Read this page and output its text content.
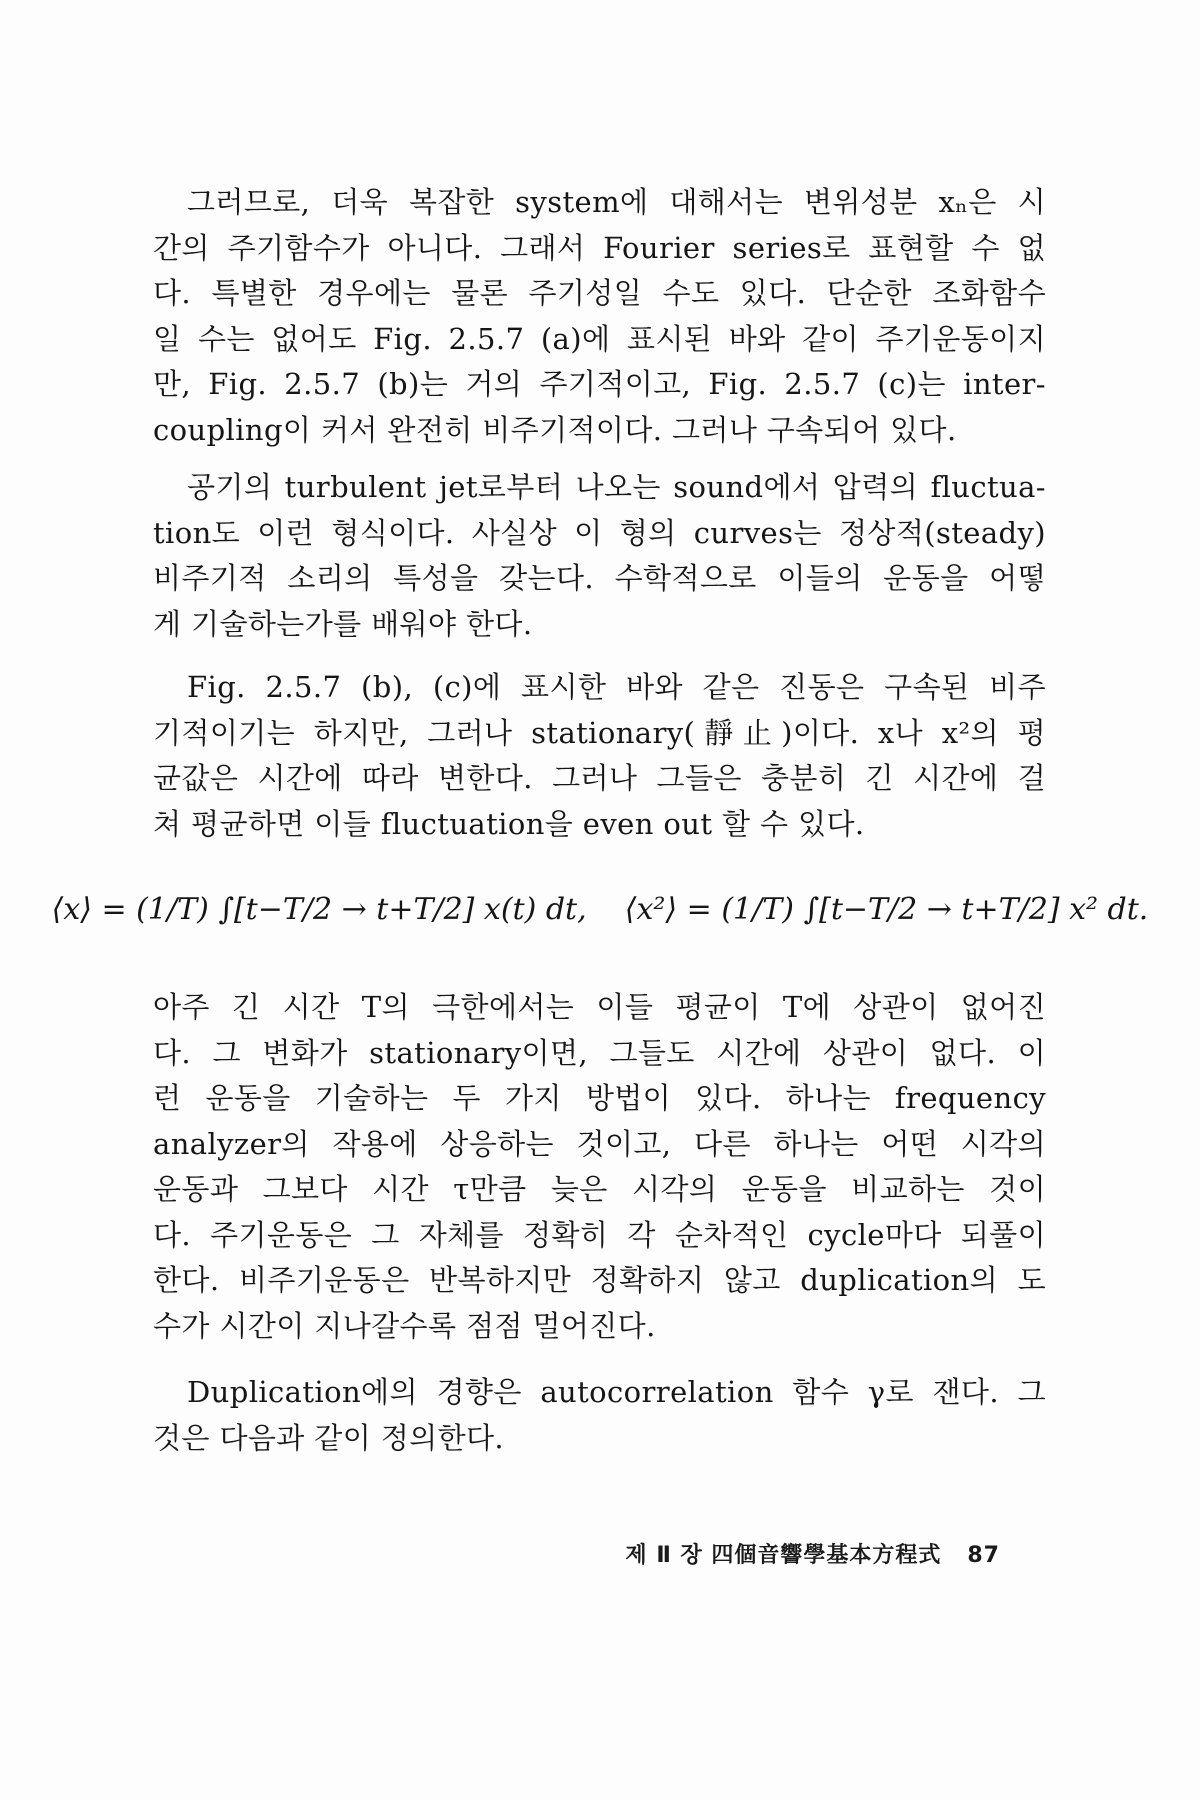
그러므로, 더욱 복잡한 system에 대해서는 변위성분 xₙ은 시
간의 주기함수가 아니다. 그래서 Fourier series로 표현할 수 없
다. 특별한 경우에는 물론 주기성일 수도 있다. 단순한 조화함수
일 수는 없어도 Fig. 2.5.7 (a)에 표시된 바와 같이 주기운동이지
만, Fig. 2.5.7 (b)는 거의 주기적이고, Fig. 2.5.7 (c)는 inter-
coupling이 커서 완전히 비주기적이다. 그러나 구속되어 있다.
공기의 turbulent jet로부터 나오는 sound에서 압력의 fluctua-
tion도 이런 형식이다. 사실상 이 형의 curves는 정상적(steady)
비주기적 소리의 특성을 갖는다. 수학적으로 이들의 운동을 어떻
게 기술하는가를 배워야 한다.
Fig. 2.5.7 (b), (c)에 표시한 바와 같은 진동은 구속된 비주
기적이기는 하지만, 그러나 stationary(靜止)이다. x나 x²의 평
균값은 시간에 따라 변한다. 그러나 그들은 충분히 긴 시간에 걸
쳐 평균하면 이들 fluctuation을 even out 할 수 있다.
⟨x⟩ = (1/T) ∫[t−T/2 → t+T/2] x(t) dt, ⟨x²⟩ = (1/T) ∫[t−T/2 → t+T/2] x² dt.
아주 긴 시간 T의 극한에서는 이들 평균이 T에 상관이 없어진
다. 그 변화가 stationary이면, 그들도 시간에 상관이 없다. 이
런 운동을 기술하는 두 가지 방법이 있다. 하나는 frequency
analyzer의 작용에 상응하는 것이고, 다른 하나는 어떤 시각의
운동과 그보다 시간 τ만큼 늦은 시각의 운동을 비교하는 것이
다. 주기운동은 그 자체를 정확히 각 순차적인 cycle마다 되풀이
한다. 비주기운동은 반복하지만 정확하지 않고 duplication의 도
수가 시간이 지나갈수록 점점 멀어진다.
Duplication에의 경향은 autocorrelation 함수 γ로 잰다. 그
것은 다음과 같이 정의한다.
제 Ⅱ 장 四個音響學基本方程式 87
